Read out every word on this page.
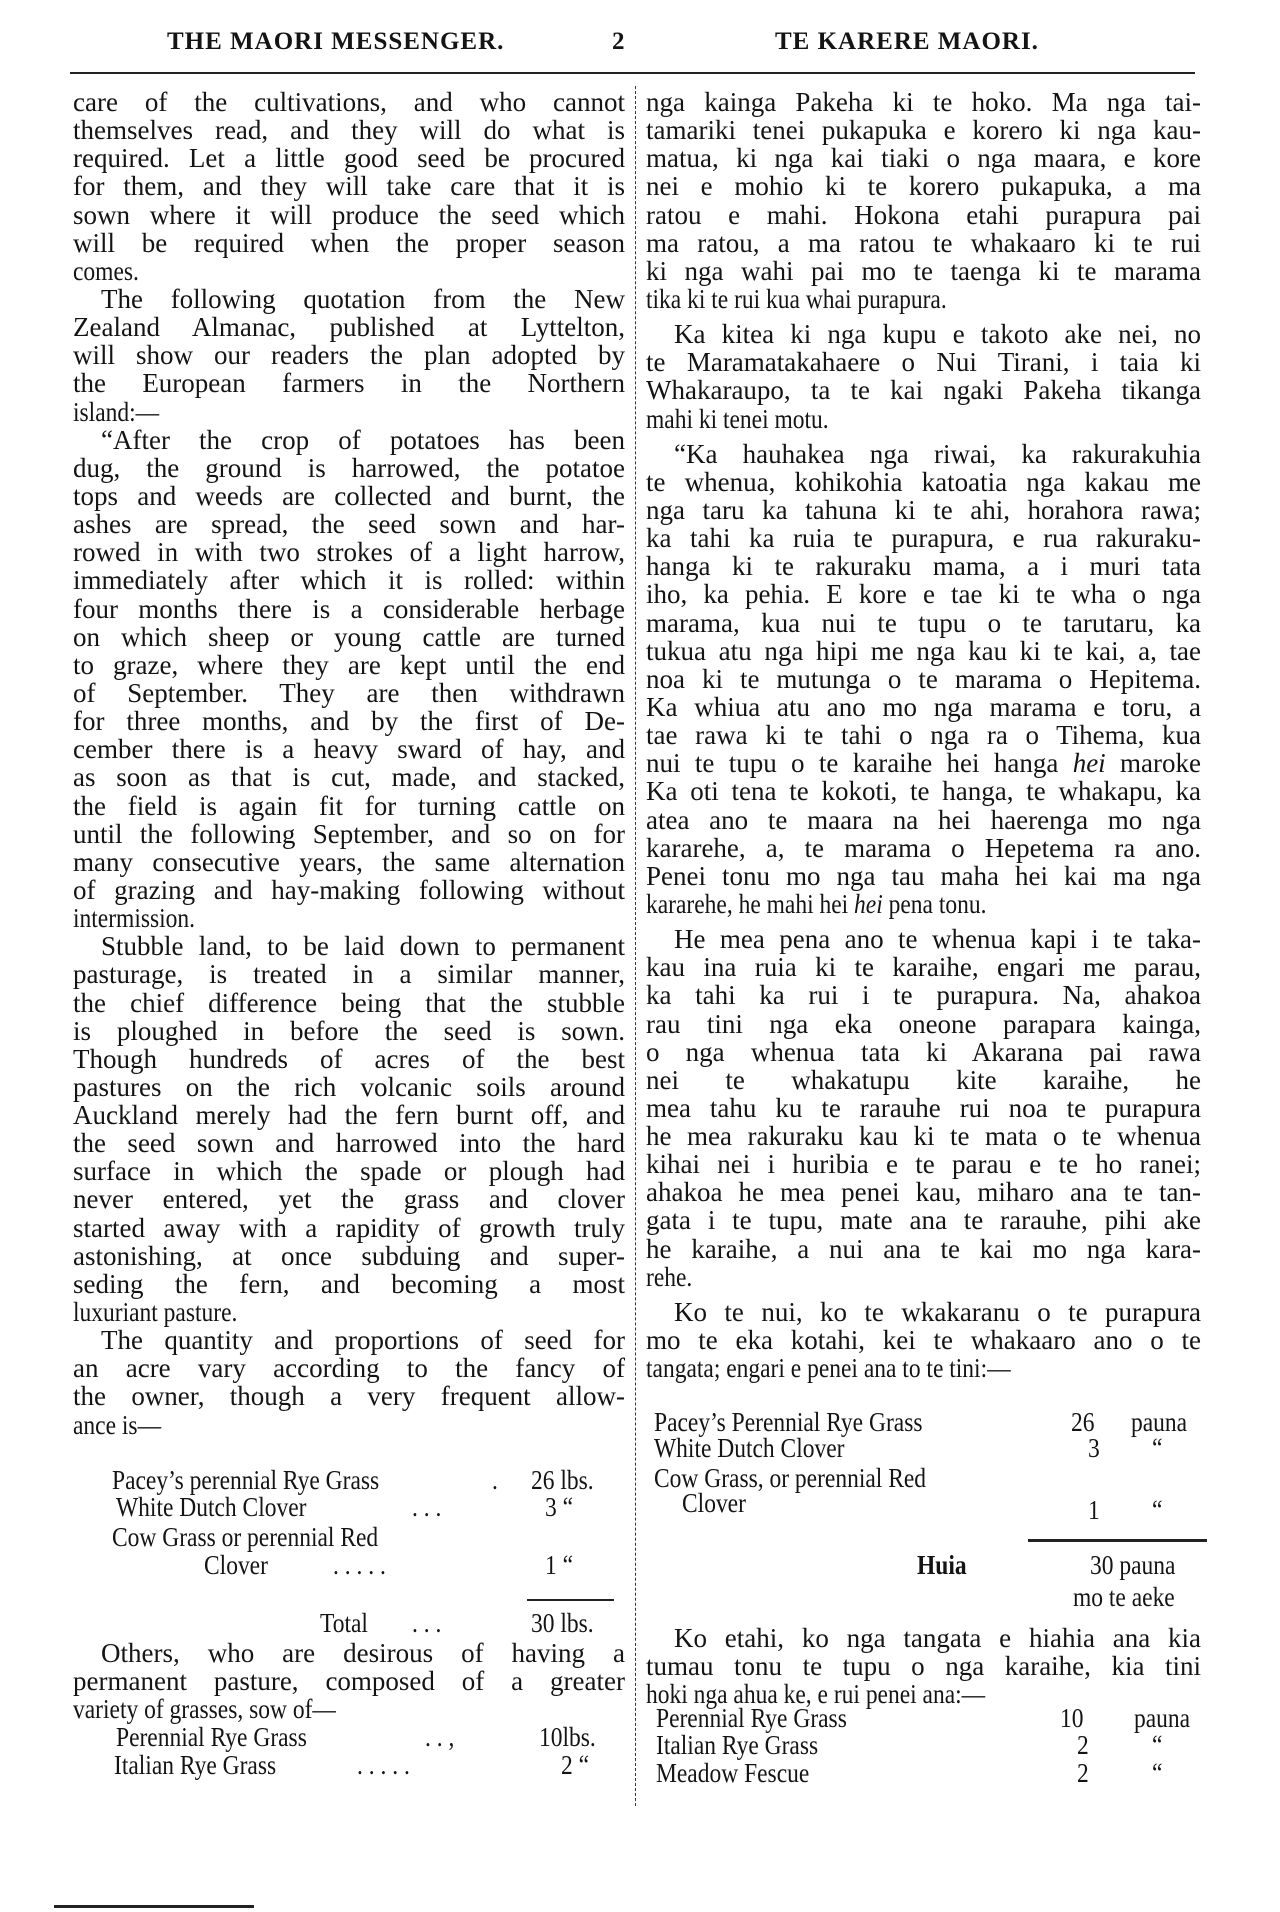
THE MAORI MESSENGER.	2	TE KARERE MAORI.
care of the cultivations, and who cannot
themselves read, and they will do what is
required. Let a little good seed be procured
for them, and they will take care that it is
sown where it will produce the seed which
will be required when the proper season
comes.
The following quotation from the New
Zealand Almanac, published at Lyttelton,
will show our readers the plan adopted by
the European farmers in the Northern
island:—
“After the crop of potatoes has been
dug, the ground is harrowed, the potatoe
tops and weeds are collected and burnt, the
ashes are spread, the seed sown and har-
rowed in with two strokes of a light harrow,
immediately after which it is rolled: within
four months there is a considerable herbage
on which sheep or young cattle are turned
to graze, where they are kept until the end
of September. They are then withdrawn
for three months, and by the first of De-
cember there is a heavy sward of hay, and
as soon as that is cut, made, and stacked,
the field is again fit for turning cattle on
until the following September, and so on for
many consecutive years, the same alternation
of grazing and hay-making following without
intermission.
Stubble land, to be laid down to permanent
pasturage, is treated in a similar manner,
the chief difference being that the stubble
is ploughed in before the seed is sown.
Though hundreds of acres of the best
pastures on the rich volcanic soils around
Auckland merely had the fern burnt off, and
the seed sown and harrowed into the hard
surface in which the spade or plough had
never entered, yet the grass and clover
started away with a rapidity of growth truly
astonishing, at once subduing and super-
seding the fern, and becoming a most
luxuriant pasture.
The quantity and proportions of seed for
an acre vary according to the fancy of
the owner, though a very frequent allow-
ance is—
nga kainga Pakeha ki te hoko. Ma nga tai-
tamariki tenei pukapuka e korero ki nga kau-
matua, ki nga kai tiaki o nga maara, e kore
nei e mohio ki te korero pukapuka, a ma
ratou e mahi. Hokona etahi purapura pai
ma ratou, a ma ratou te whakaaro ki te rui
ki nga wahi pai mo te taenga ki te marama
tika ki te rui kua whai purapura.
Ka kitea ki nga kupu e takoto ake nei, no
te Maramatakahaere o Nui Tirani, i taia ki
Whakaraupo, ta te kai ngaki Pakeha tikanga
mahi ki tenei motu.
“Ka hauhakea nga riwai, ka rakurakuhia
te whenua, kohikohia katoatia nga kakau me
nga taru ka tahuna ki te ahi, horahora rawa;
ka tahi ka ruia te purapura, e rua rakuraku-
hanga ki te rakuraku mama, a i muri tata
iho, ka pehia. E kore e tae ki te wha o nga
marama, kua nui te tupu o te tarutaru, ka
tukua atu nga hipi me nga kau ki te kai, a, tae
noa ki te mutunga o te marama o Hepitema.
Ka whiua atu ano mo nga marama e toru, a
tae rawa ki te tahi o nga ra o Tihema, kua
nui te tupu o te karaihe hei hanga hei maroke
Ka oti tena te kokoti, te hanga, te whakapu, ka
atea ano te maara na hei haerenga mo nga
kararehe, a, te marama o Hepetema ra ano.
Penei tonu mo nga tau maha hei kai ma nga
kararehe, he mahi hei hei pena tonu.
He mea pena ano te whenua kapi i te taka-
kau ina ruia ki te karaihe, engari me parau,
ka tahi ka rui i te purapura. Na, ahakoa
rau tini nga eka oneone parapara kainga,
o nga whenua tata ki Akarana pai rawa
nei te whakatupu kite karaihe, he
mea tahu ku te rarauhe rui noa te purapura
he mea rakuraku kau ki te mata o te whenua
kihai nei i huribia e te parau e te ho ranei;
ahakoa he mea penei kau, miharo ana te tan-
gata i te tupu, mate ana te rarauhe, pihi ake
he karaihe, a nui ana te kai mo nga kara-
rehe.
Ko te nui, ko te wkakaranu o te purapura
mo te eka kotahi, kei te whakaaro ano o te
tangata; engari e penei ana to te tini:—
Pacey’s perennial Rye Grass	. 26 lbs.
White Dutch Clover	. . .	3 “
Cow Grass or perennial Red
Clover . . . . .	1 “
Total . . .	30 lbs.
Others, who are desirous of having a
permanent pasture, composed of a greater
variety of grasses, sow of—
Perennial Rye Grass	. . ,	10lbs.
Italian Rye Grass	. . . . .	2 “
Pacey’s Perennial Rye Grass	26 pauna
White Dutch Clover	3 “
Cow Grass, or perennial Red
Clover	1 “
Huia	30 pauna
mo te aeke
Ko etahi, ko nga tangata e hiahia ana kia
tumau tonu te tupu o nga karaihe, kia tini
hoki nga ahua ke, e rui penei ana:—
Perennial Rye Grass	10 pauna
Italian Rye Grass	2 “
Meadow Fescue	2 “
